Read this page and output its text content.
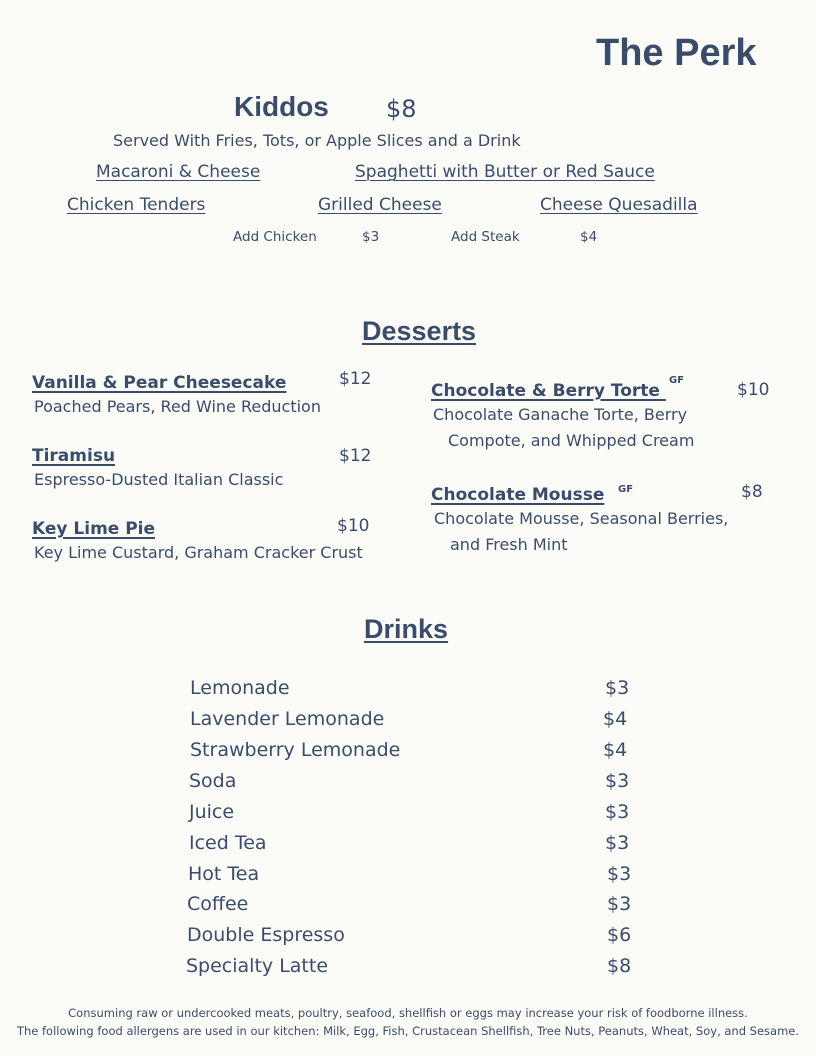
The Perk
Kiddos $8
Served With Fries, Tots, or Apple Slices and a Drink
Macaroni & Cheese	Spaghetti with Butter or Red Sauce
Chicken Tenders	Grilled Cheese	Cheese Quesadilla
Add Chicken	$3	Add Steak	$4
Desserts
Vanilla & Pear Cheesecake	$12
Poached Pears, Red Wine Reduction
Tiramisu	$12
Espresso-Dusted Italian Classic
Key Lime Pie	$10
Key Lime Custard, Graham Cracker Crust
Chocolate & Berry Torte
GF	$10
Chocolate Ganache Torte, Berry
Compote, and Whipped Cream
Chocolate Mousse GF	$8
Chocolate Mousse, Seasonal Berries,
and Fresh Mint
Drinks
Lemonade	$3
Lavender Lemonade	$4
Strawberry Lemonade	$4
Soda	$3
Juice	$3
Iced Tea	$3
Hot Tea	$3
Coffee	$3
Double Espresso	$6
Specialty Latte	$8
Consuming raw or undercooked meats, poultry, seafood, shellfish or eggs may increase your risk of foodborne illness.
The following food allergens are used in our kitchen: Milk, Egg, Fish, Crustacean Shellfish, Tree Nuts, Peanuts, Wheat, Soy, and Sesame.
